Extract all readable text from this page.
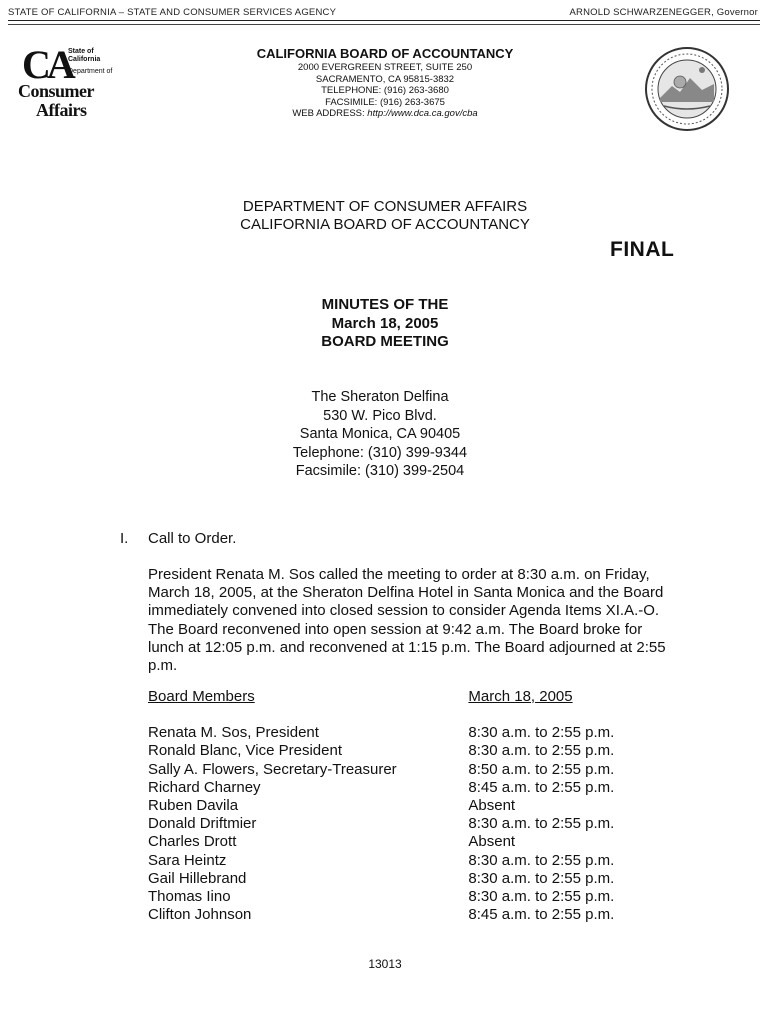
STATE OF CALIFORNIA – STATE AND CONSUMER SERVICES AGENCY	ARNOLD SCHWARZENEGGER, Governor
CA
State of California
Department of
Consumer
Affairs
CALIFORNIA BOARD OF ACCOUNTANCY
2000 EVERGREEN STREET, SUITE 250
SACRAMENTO, CA 95815-3832
TELEPHONE: (916) 263-3680
FACSIMILE: (916) 263-3675
WEB ADDRESS: http://www.dca.ca.gov/cba
DEPARTMENT OF CONSUMER AFFAIRS
CALIFORNIA BOARD OF ACCOUNTANCY
FINAL
MINUTES OF THE
March 18, 2005
BOARD MEETING
The Sheraton Delfina
530 W. Pico Blvd.
Santa Monica, CA 90405
Telephone: (310) 399-9344
Facsimile: (310) 399-2504
I. Call to Order.
President Renata M. Sos called the meeting to order at 8:30 a.m. on Friday, March 18, 2005, at the Sheraton Delfina Hotel in Santa Monica and the Board immediately convened into closed session to consider Agenda Items XI.A.-O. The Board reconvened into open session at 9:42 a.m. The Board broke for lunch at 12:05 p.m. and reconvened at 1:15 p.m. The Board adjourned at 2:55 p.m.
Board Members	March 18, 2005
Renata M. Sos, President	8:30 a.m. to 2:55 p.m.
Ronald Blanc, Vice President	8:30 a.m. to 2:55 p.m.
Sally A. Flowers, Secretary-Treasurer	8:50 a.m. to 2:55 p.m.
Richard Charney	8:45 a.m. to 2:55 p.m.
Ruben Davila	Absent
Donald Driftmier	8:30 a.m. to 2:55 p.m.
Charles Drott	Absent
Sara Heintz	8:30 a.m. to 2:55 p.m.
Gail Hillebrand	8:30 a.m. to 2:55 p.m.
Thomas Iino	8:30 a.m. to 2:55 p.m.
Clifton Johnson	8:45 a.m. to 2:55 p.m.
13013
